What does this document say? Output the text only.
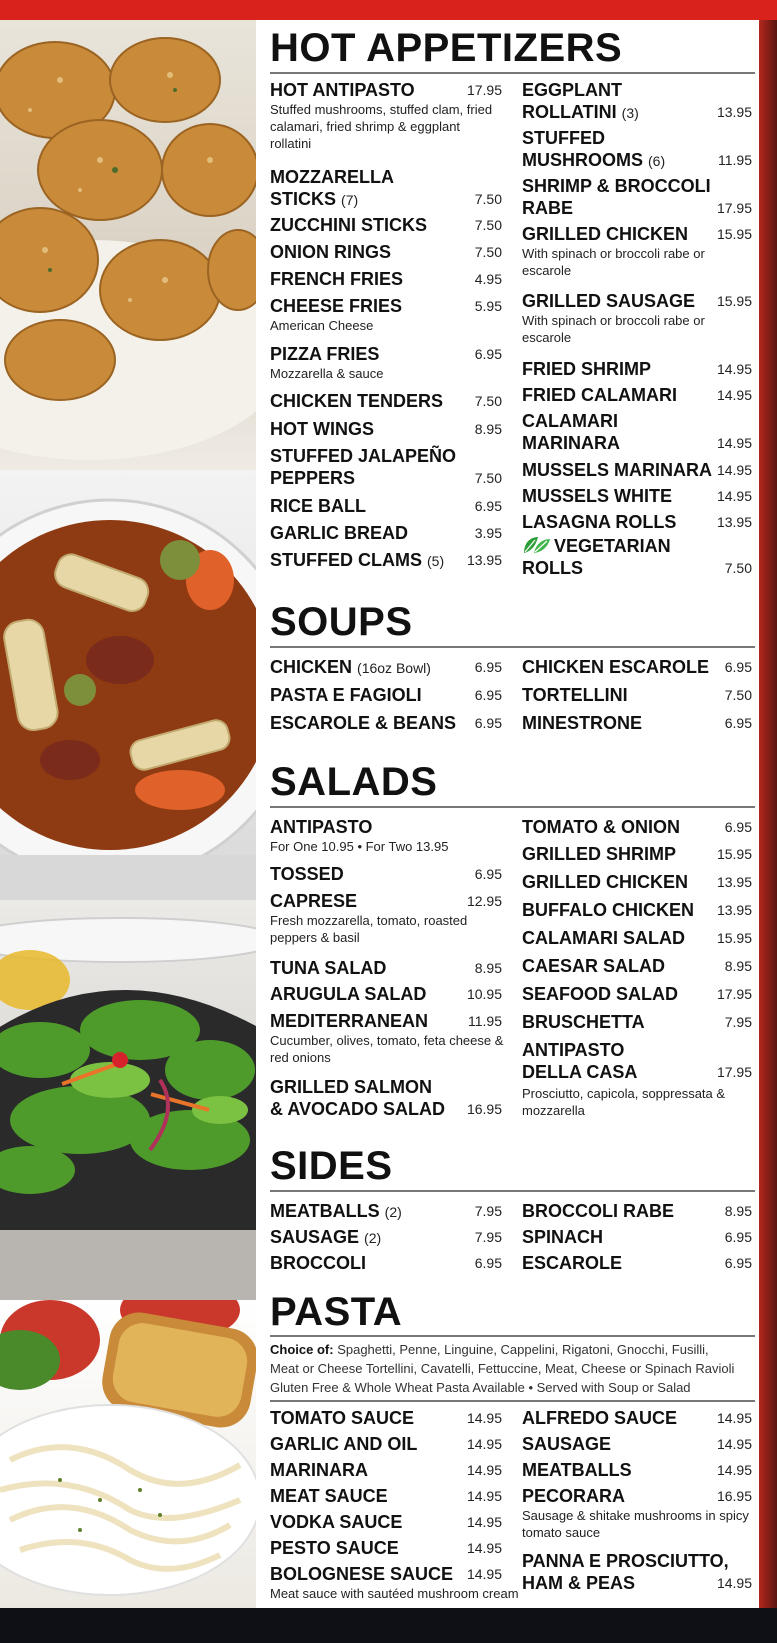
HOT APPETIZERS
HOT ANTIPASTO	17.95
Stuffed mushrooms, stuffed clam, fried
calamari, fried shrimp & eggplant
rollatini
MOZZARELLA
STICKS (7)	7.50
ZUCCHINI STICKS	7.50
ONION RINGS	7.50
FRENCH FRIES	4.95
CHEESE FRIES	5.95
American Cheese
PIZZA FRIES	6.95
Mozzarella & sauce
CHICKEN TENDERS 7.50
HOT WINGS	8.95
STUFFED JALAPEÑO
PEPPERS	7.50
RICE BALL	6.95
GARLIC BREAD	3.95
STUFFED CLAMS (5) 13.95
EGGPLANT
ROLLATINI (3)	13.95
STUFFED
MUSHROOMS (6)	11.95
SHRIMP & BROCCOLI
RABE	17.95
GRILLED CHICKEN 15.95
With spinach or broccoli rabe or
escarole
GRILLED SAUSAGE 15.95
With spinach or broccoli rabe or
escarole
FRIED SHRIMP	14.95
FRIED CALAMARI	14.95
CALAMARI
MARINARA	14.95
MUSSELS MARINARA 14.95
MUSSELS WHITE	14.95
LASAGNA ROLLS	13.95
VEGETARIAN
ROLLS	7.50
SOUPS
CHICKEN (16oz Bowl)	6.95
PASTA E FAGIOLI	6.95
ESCAROLE & BEANS 6.95
CHICKEN ESCAROLE 6.95
TORTELLINI	7.50
MINESTRONE	6.95
SALADS
ANTIPASTO
For One 10.95 • For Two 13.95
TOSSED	6.95
CAPRESE	12.95
Fresh mozzarella, tomato, roasted
peppers & basil
TUNA SALAD	8.95
ARUGULA SALAD	10.95
MEDITERRANEAN	11.95
Cucumber, olives, tomato, feta cheese &
red onions
GRILLED SALMON
& AVOCADO SALAD 16.95
TOMATO & ONION	6.95
GRILLED SHRIMP	15.95
GRILLED CHICKEN 13.95
BUFFALO CHICKEN 13.95
CALAMARI SALAD 15.95
CAESAR SALAD	8.95
SEAFOOD SALAD	17.95
BRUSCHETTA	7.95
ANTIPASTO
DELLA CASA	17.95
Prosciutto, capicola, soppressata &
mozzarella
SIDES
MEATBALLS (2)	7.95
SAUSAGE (2)	7.95
BROCCOLI	6.95
BROCCOLI RABE	8.95
SPINACH	6.95
ESCAROLE	6.95
PASTA
Choice of: Spaghetti, Penne, Linguine, Cappelini, Rigatoni, Gnocchi, Fusilli,
Meat or Cheese Tortellini, Cavatelli, Fettuccine, Meat, Cheese or Spinach Ravioli
Gluten Free & Whole Wheat Pasta Available • Served with Soup or Salad
TOMATO SAUCE	14.95
GARLIC AND OIL	14.95
MARINARA	14.95
MEAT SAUCE	14.95
VODKA SAUCE	14.95
PESTO SAUCE	14.95
BOLOGNESE SAUCE 14.95
Meat sauce with sautéed mushroom cream
ALFREDO SAUCE	14.95
SAUSAGE	14.95
MEATBALLS	14.95
PECORARA	16.95
Sausage & shitake mushrooms in spicy
tomato sauce
PANNA E PROSCIUTTO,
HAM & PEAS	14.95
